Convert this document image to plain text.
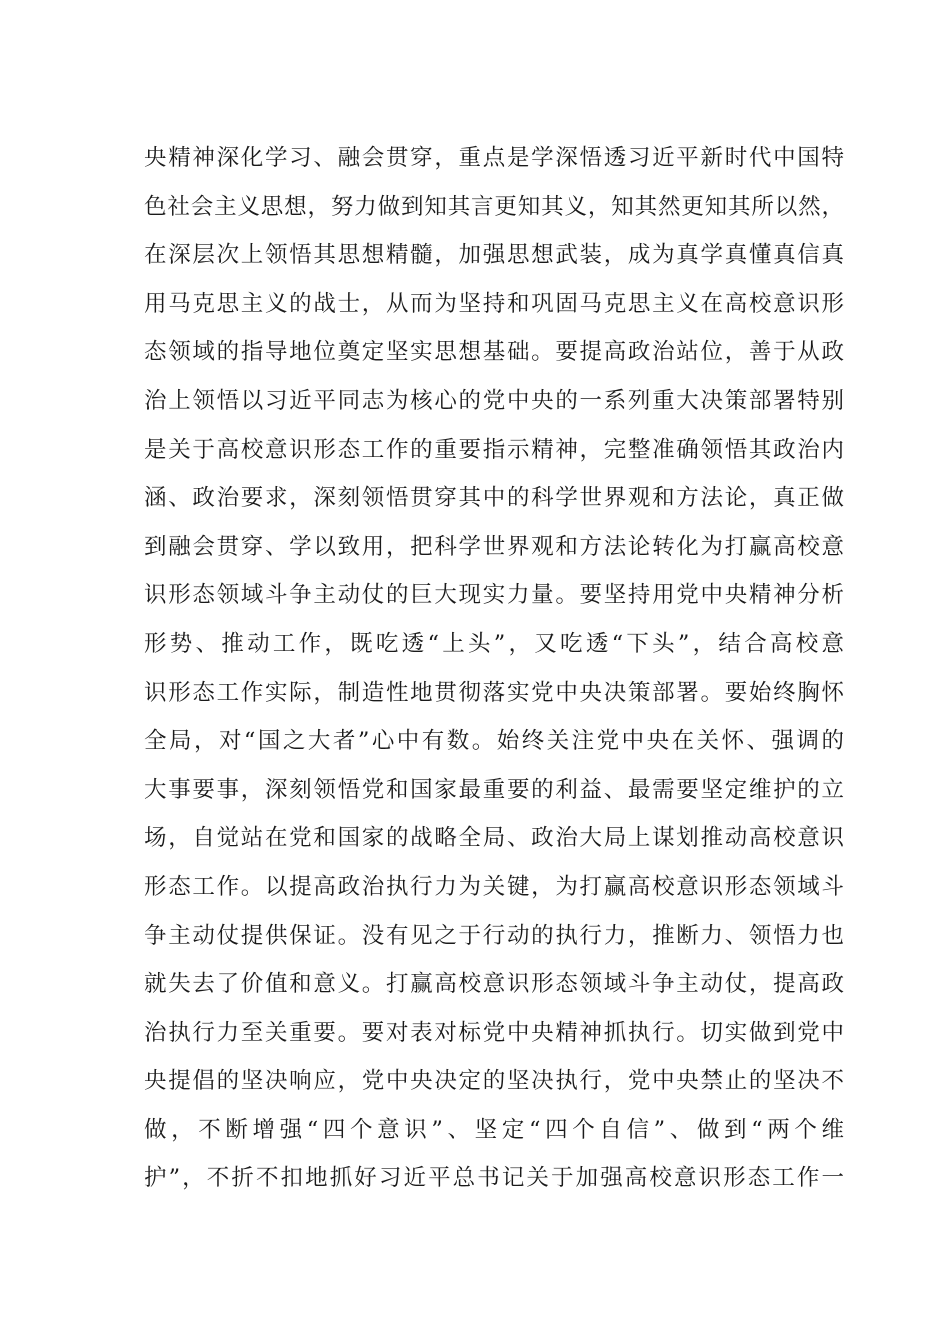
央精神深化学习、融会贯穿，重点是学深悟透习近平新时代中国特
色社会主义思想，努力做到知其言更知其义，知其然更知其所以然，
在深层次上领悟其思想精髓，加强思想武装，成为真学真懂真信真
用马克思主义的战士，从而为坚持和巩固马克思主义在高校意识形
态领域的指导地位奠定坚实思想基础。要提高政治站位，善于从政
治上领悟以习近平同志为核心的党中央的一系列重大决策部署特别
是关于高校意识形态工作的重要指示精神，完整准确领悟其政治内
涵、政治要求，深刻领悟贯穿其中的科学世界观和方法论，真正做
到融会贯穿、学以致用，把科学世界观和方法论转化为打赢高校意
识形态领域斗争主动仗的巨大现实力量。要坚持用党中央精神分析
形势、推动工作，既吃透“上头”，又吃透“下头”，结合高校意
识形态工作实际，制造性地贯彻落实党中央决策部署。要始终胸怀
全局，对“国之大者”心中有数。始终关注党中央在关怀、强调的
大事要事，深刻领悟党和国家最重要的利益、最需要坚定维护的立
场，自觉站在党和国家的战略全局、政治大局上谋划推动高校意识
形态工作。以提高政治执行力为关键，为打赢高校意识形态领域斗
争主动仗提供保证。没有见之于行动的执行力，推断力、领悟力也
就失去了价值和意义。打赢高校意识形态领域斗争主动仗，提高政
治执行力至关重要。要对表对标党中央精神抓执行。切实做到党中
央提倡的坚决响应，党中央决定的坚决执行，党中央禁止的坚决不
做，不断增强“四个意识”、坚定“四个自信”、做到“两个维
护”，不折不扣地抓好习近平总书记关于加强高校意识形态工作一
